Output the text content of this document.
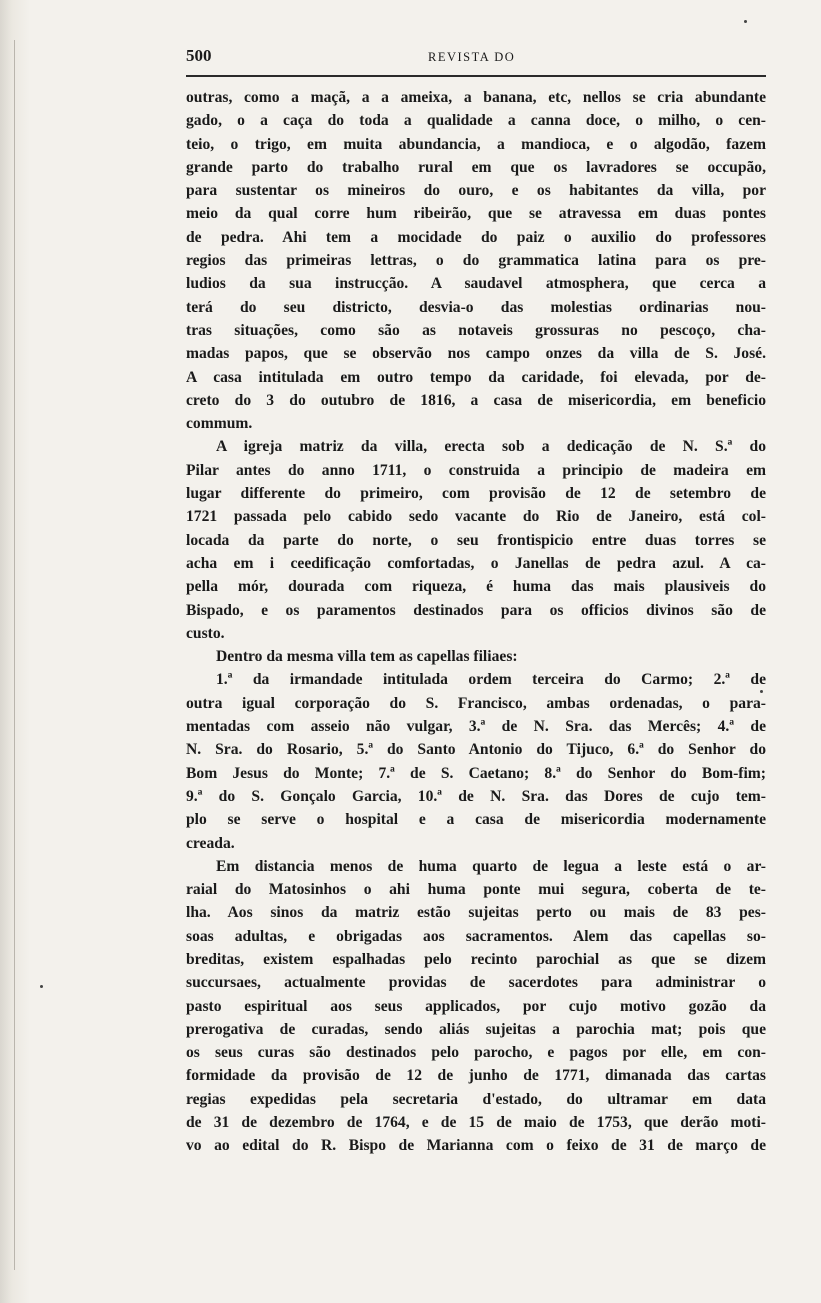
500	REVISTA DO
outras, como a maçã, a a ameixa, a banana, etc, nellos se cria abundante
gado, o a caça do toda a qualidade a canna doce, o milho, o cen-
teio, o trigo, em muita abundancia, a mandioca, e o algodão, fazem
grande parto do trabalho rural em que os lavradores se occupão,
para sustentar os mineiros do ouro, e os habitantes da villa, por
meio da qual corre hum ribeirão, que se atravessa em duas pontes
de pedra. Ahi tem a mocidade do paiz o auxilio do professores
regios das primeiras lettras, o do grammatica latina para os pre-
ludios da sua instrucção. A saudavel atmosphera, que cerca a
terá do seu districto, desvia-o das molestias ordinarias nou-
tras situações, como são as notaveis grossuras no pescoço, cha-
madas papos, que se observão nos campo onzes da villa de S. José.
A casa intitulada em outro tempo da caridade, foi elevada, por de-
creto do 3 do outubro de 1816, a casa de misericordia, em beneficio
commum.
A igreja matriz da villa, erecta sob a dedicação de N. S.ª do
Pilar antes do anno 1711, o construida a principio de madeira em
lugar differente do primeiro, com provisão de 12 de setembro de
1721 passada pelo cabido sedo vacante do Rio de Janeiro, está col-
locada da parte do norte, o seu frontispicio entre duas torres se
acha em i ceedificação comfortadas, o Janellas de pedra azul. A ca-
pella mór, dourada com riqueza, é huma das mais plausiveis do
Bispado, e os paramentos destinados para os officios divinos são de
custo.
Dentro da mesma villa tem as capellas filiaes:
1.ª da irmandade intitulada ordem terceira do Carmo; 2.ª de
outra igual corporação do S. Francisco, ambas ordenadas, o para-
mentadas com asseio não vulgar, 3.ª de N. Sra. das Mercês; 4.ª de
N. Sra. do Rosario, 5.ª do Santo Antonio do Tijuco, 6.ª do Senhor do
Bom Jesus do Monte; 7.ª de S. Caetano; 8.ª do Senhor do Bom-fim;
9.ª do S. Gonçalo Garcia, 10.ª de N. Sra. das Dores de cujo tem-
plo se serve o hospital e a casa de misericordia modernamente
creada.
Em distancia menos de huma quarto de legua a leste está o ar-
raial do Matosinhos o ahi huma ponte mui segura, coberta de te-
lha. Aos sinos da matriz estão sujeitas perto ou mais de 83 pes-
soas adultas, e obrigadas aos sacramentos. Alem das capellas so-
breditas, existem espalhadas pelo recinto parochial as que se dizem
succursaes, actualmente providas de sacerdotes para administrar o
pasto espiritual aos seus applicados, por cujo motivo gozão da
prerogativa de curadas, sendo aliás sujeitas a parochia mat; pois que
os seus curas são destinados pelo parocho, e pagos por elle, em con-
formidade da provisão de 12 de junho de 1771, dimanada das cartas
regias expedidas pela secretaria d'estado, do ultramar em data
de 31 de dezembro de 1764, e de 15 de maio de 1753, que derão moti-
vo ao edital do R. Bispo de Marianna com o feixo de 31 de março de
